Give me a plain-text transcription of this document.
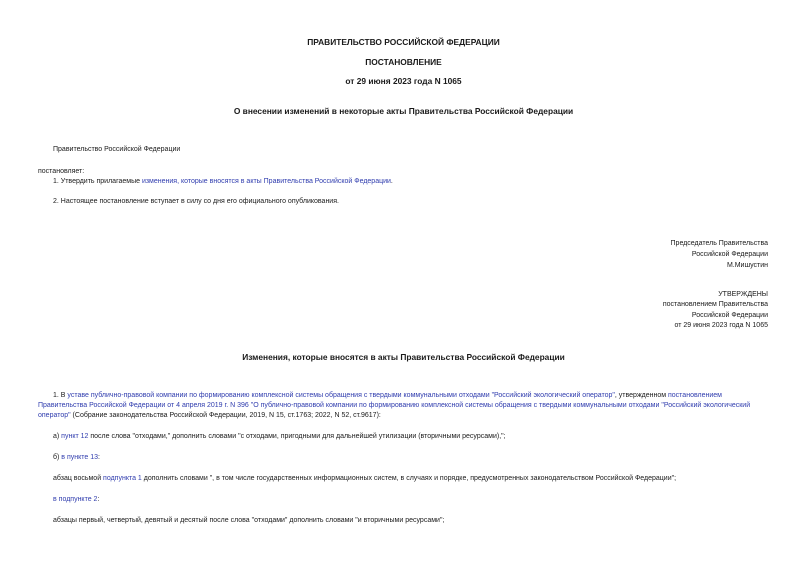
ПРАВИТЕЛЬСТВО РОССИЙСКОЙ ФЕДЕРАЦИИ

ПОСТАНОВЛЕНИЕ

от 29 июня 2023 года N 1065

О внесении изменений в некоторые акты Правительства Российской Федерации

Правительство Российской Федерации

постановляет:

1. Утвердить прилагаемые изменения, которые вносятся в акты Правительства Российской Федерации.

2. Настоящее постановление вступает в силу со дня его официального опубликования.

Председатель Правительства

Российской Федерации

М.Мишустин

УТВЕРЖДЕНЫ

постановлением Правительства

Российской Федерации

от 29 июня 2023 года N 1065

Изменения, которые вносятся в акты Правительства Российской Федерации

1. В уставе публично-правовой компании по формированию комплексной системы обращения с твердыми коммунальными отходами "Российский экологический оператор", утвержденном постановлением

Правительства Российской Федерации от 4 апреля 2019 г. N 396 "О публично-правовой компании по формированию комплексной системы обращения с твердыми коммунальными отходами "Российский экологический

оператор" (Собрание законодательства Российской Федерации, 2019, N 15, ст.1763; 2022, N 52, ст.9617):

а) пункт 12 после слова "отходами," дополнить словами "с отходами, пригодными для дальнейшей утилизации (вторичными ресурсами),";

б) в пункте 13:

абзац восьмой подпункта 1 дополнить словами ", в том числе государственных информационных систем, в случаях и порядке, предусмотренных законодательством Российской Федерации";

в подпункте 2:

абзацы первый, четвертый, девятый и десятый после слова "отходами" дополнить словами "и вторичными ресурсами";
